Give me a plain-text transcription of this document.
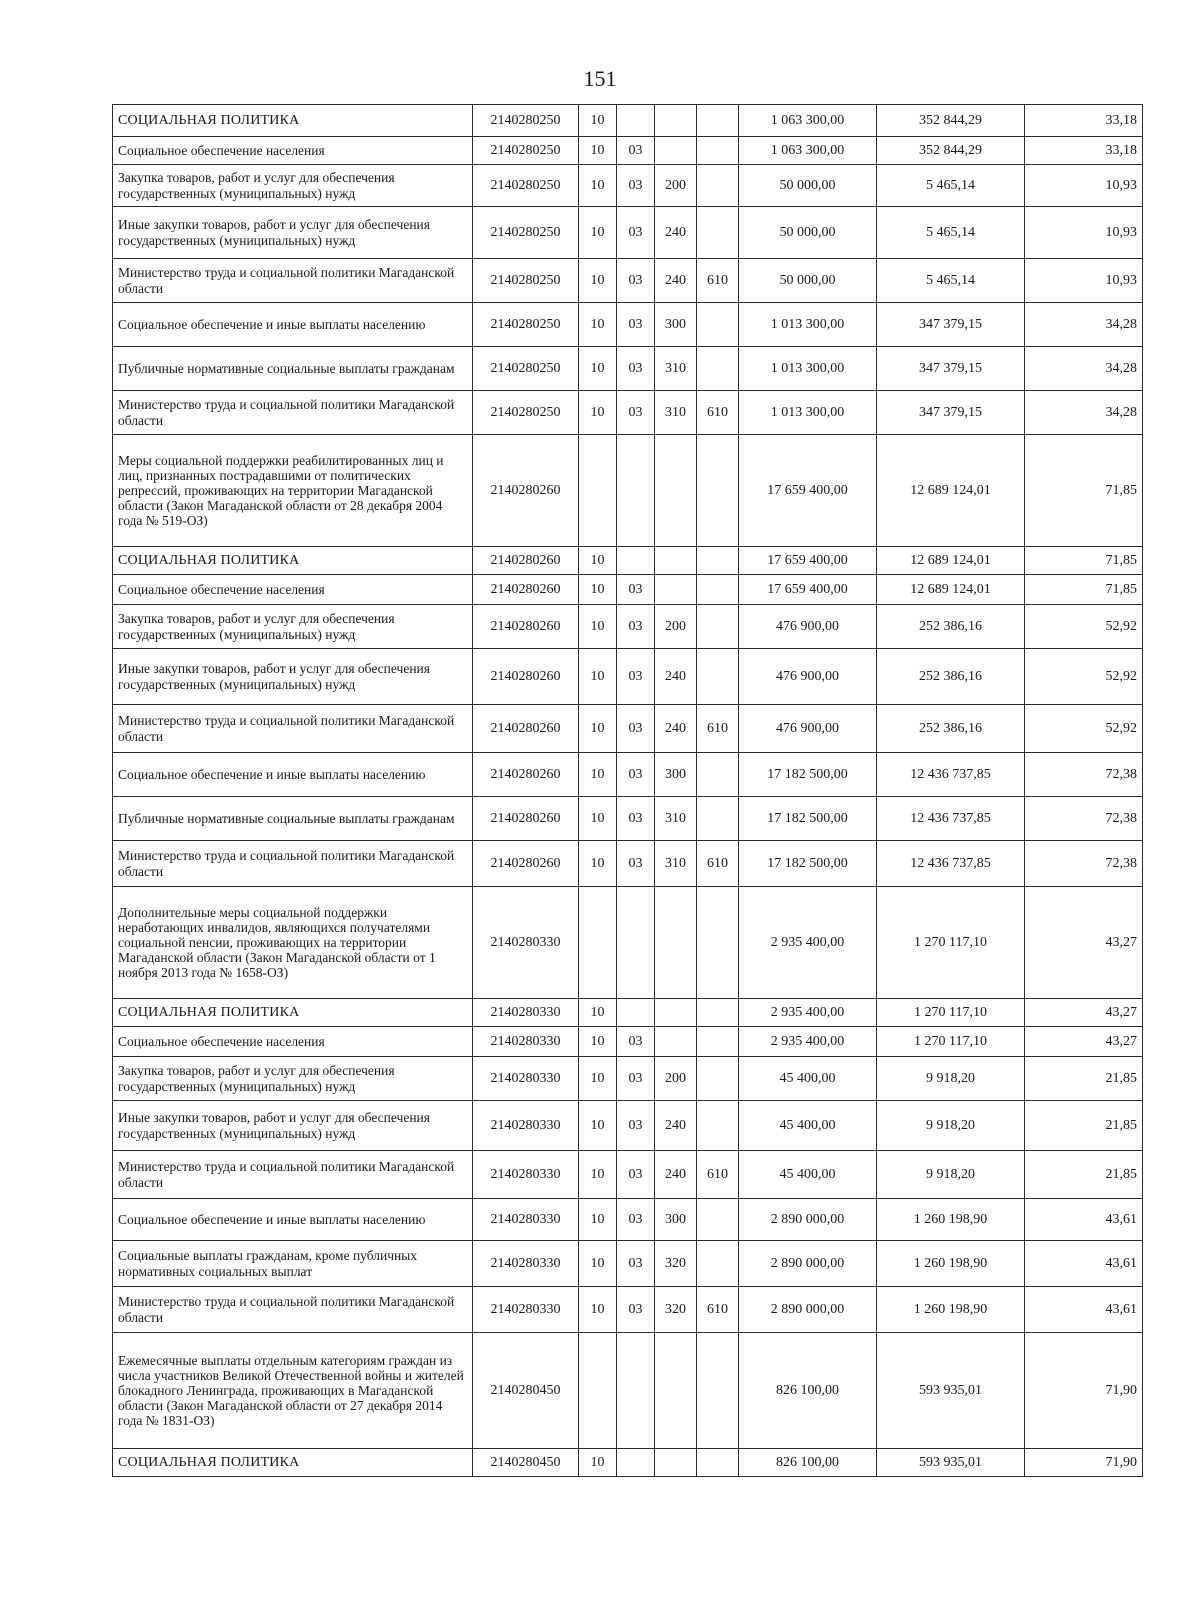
151
СОЦИАЛЬНАЯ ПОЛИТИКА	2140280250	10				1 063 300,00	352 844,29	33,18
Социальное обеспечение населения	2140280250	10	03			1 063 300,00	352 844,29	33,18
Закупка товаров, работ и услуг для обеспечения государственных (муниципальных) нужд	2140280250	10	03	200		50 000,00	5 465,14	10,93
Иные закупки товаров, работ и услуг для обеспечения государственных (муниципальных) нужд	2140280250	10	03	240		50 000,00	5 465,14	10,93
Министерство труда и социальной политики Магаданской области	2140280250	10	03	240	610	50 000,00	5 465,14	10,93
Социальное обеспечение и иные выплаты населению	2140280250	10	03	300		1 013 300,00	347 379,15	34,28
Публичные нормативные социальные выплаты гражданам	2140280250	10	03	310		1 013 300,00	347 379,15	34,28
Министерство труда и социальной политики Магаданской области	2140280250	10	03	310	610	1 013 300,00	347 379,15	34,28
Меры социальной поддержки реабилитированных лиц и лиц, признанных пострадавшими от политических репрессий, проживающих на территории Магаданской области (Закон Магаданской области от 28 декабря 2004 года № 519-ОЗ)	2140280260					17 659 400,00	12 689 124,01	71,85
СОЦИАЛЬНАЯ ПОЛИТИКА	2140280260	10				17 659 400,00	12 689 124,01	71,85
Социальное обеспечение населения	2140280260	10	03			17 659 400,00	12 689 124,01	71,85
Закупка товаров, работ и услуг для обеспечения государственных (муниципальных) нужд	2140280260	10	03	200		476 900,00	252 386,16	52,92
Иные закупки товаров, работ и услуг для обеспечения государственных (муниципальных) нужд	2140280260	10	03	240		476 900,00	252 386,16	52,92
Министерство труда и социальной политики Магаданской области	2140280260	10	03	240	610	476 900,00	252 386,16	52,92
Социальное обеспечение и иные выплаты населению	2140280260	10	03	300		17 182 500,00	12 436 737,85	72,38
Публичные нормативные социальные выплаты гражданам	2140280260	10	03	310		17 182 500,00	12 436 737,85	72,38
Министерство труда и социальной политики Магаданской области	2140280260	10	03	310	610	17 182 500,00	12 436 737,85	72,38
Дополнительные меры социальной поддержки неработающих инвалидов, являющихся получателями социальной пенсии, проживающих на территории Магаданской области (Закон Магаданской области от 1 ноября 2013 года № 1658-ОЗ)	2140280330					2 935 400,00	1 270 117,10	43,27
СОЦИАЛЬНАЯ ПОЛИТИКА	2140280330	10				2 935 400,00	1 270 117,10	43,27
Социальное обеспечение населения	2140280330	10	03			2 935 400,00	1 270 117,10	43,27
Закупка товаров, работ и услуг для обеспечения государственных (муниципальных) нужд	2140280330	10	03	200		45 400,00	9 918,20	21,85
Иные закупки товаров, работ и услуг для обеспечения государственных (муниципальных) нужд	2140280330	10	03	240		45 400,00	9 918,20	21,85
Министерство труда и социальной политики Магаданской области	2140280330	10	03	240	610	45 400,00	9 918,20	21,85
Социальное обеспечение и иные выплаты населению	2140280330	10	03	300		2 890 000,00	1 260 198,90	43,61
Социальные выплаты гражданам, кроме публичных нормативных социальных выплат	2140280330	10	03	320		2 890 000,00	1 260 198,90	43,61
Министерство труда и социальной политики Магаданской области	2140280330	10	03	320	610	2 890 000,00	1 260 198,90	43,61
Ежемесячные выплаты отдельным категориям граждан из числа участников Великой Отечественной войны и жителей блокадного Ленинграда, проживающих в Магаданской области (Закон Магаданской области от 27 декабря 2014 года № 1831-ОЗ)	2140280450					826 100,00	593 935,01	71,90
СОЦИАЛЬНАЯ ПОЛИТИКА	2140280450	10				826 100,00	593 935,01	71,90
